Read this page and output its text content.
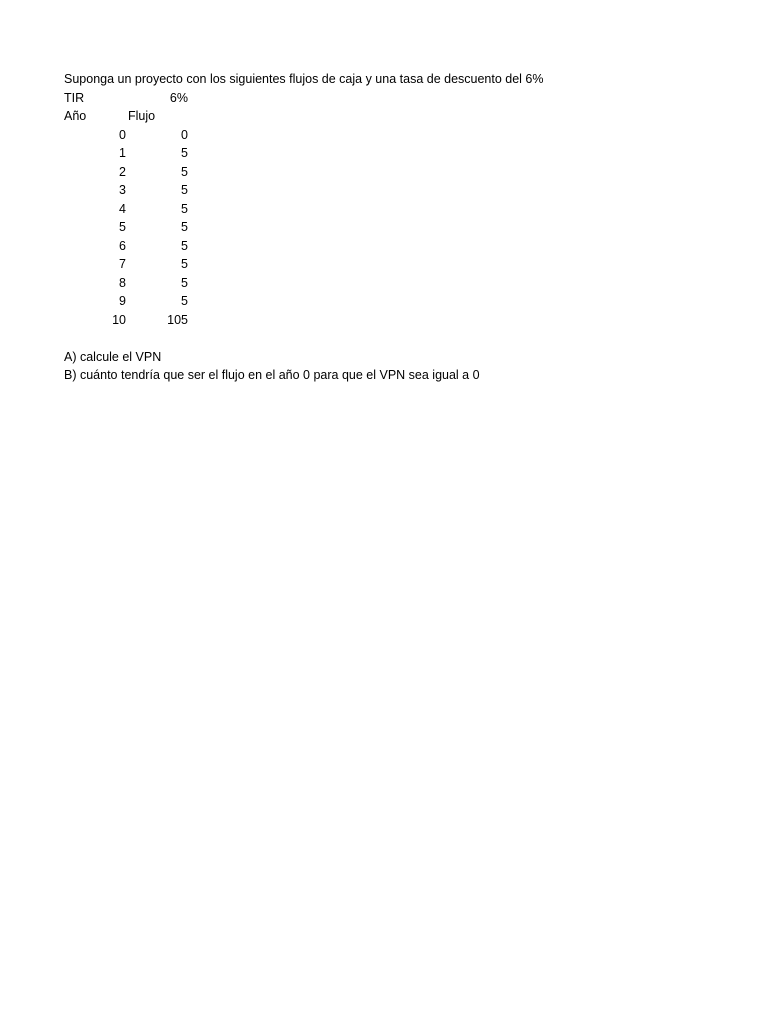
Suponga un proyecto con los siguientes flujos de caja y una tasa de descuento del 6%
TIR	6%
Año	Flujo
0	0
1	5
2	5
3	5
4	5
5	5
6	5
7	5
8	5
9	5
10	105
A) calcule el VPN
B) cuánto tendría que ser el flujo en el año 0 para que el VPN sea igual a 0
